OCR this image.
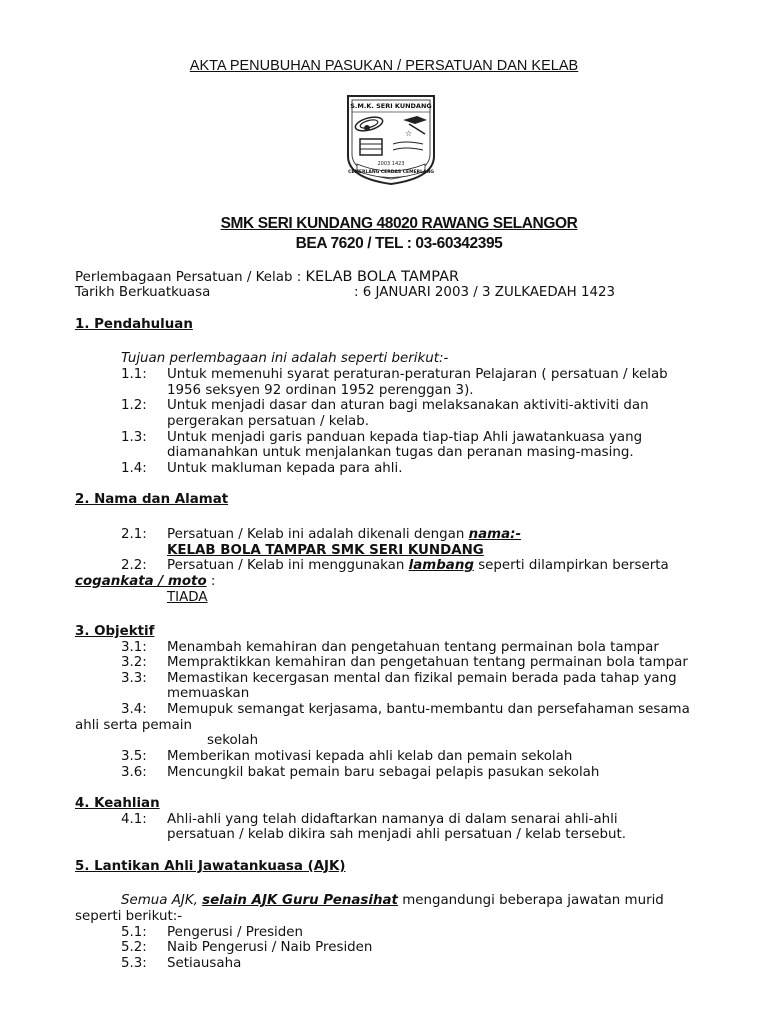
AKTA PENUBUHAN PASUKAN / PERSATUAN DAN KELAB
S.M.K. SERI KUNDANG
☆
2003 1423
CEMERLANG CERDAS CEMERLANG
SMK SERI KUNDANG 48020 RAWANG SELANGOR
BEA 7620 / TEL : 03-60342395
Perlembagaan Persatuan / Kelab : KELAB BOLA TAMPAR
Tarikh Berkuatkuasa	: 6 JANUARI 2003 / 3 ZULKAEDAH 1423
1. Pendahuluan
Tujuan perlembagaan ini adalah seperti berikut:-
1.1: Untuk memenuhi syarat peraturan-peraturan Pelajaran ( persatuan / kelab
1956 seksyen 92 ordinan 1952 perenggan 3).
1.2: Untuk menjadi dasar dan aturan bagi melaksanakan aktiviti-aktiviti dan
pergerakan persatuan / kelab.
1.3: Untuk menjadi garis panduan kepada tiap-tiap Ahli jawatankuasa yang
diamanahkan untuk menjalankan tugas dan peranan masing-masing.
1.4: Untuk makluman kepada para ahli.
2. Nama dan Alamat
2.1: Persatuan / Kelab ini adalah dikenali dengan nama:-
KELAB BOLA TAMPAR SMK SERI KUNDANG
2.2: Persatuan / Kelab ini menggunakan lambang seperti dilampirkan berserta
cogankata / moto :
TIADA
3. Objektif
3.1: Menambah kemahiran dan pengetahuan tentang permainan bola tampar
3.2: Mempraktikkan kemahiran dan pengetahuan tentang permainan bola tampar
3.3: Memastikan kecergasan mental dan fizikal pemain berada pada tahap yang
memuaskan
3.4: Memupuk semangat kerjasama, bantu-membantu dan persefahaman sesama
ahli serta pemain
sekolah
3.5: Memberikan motivasi kepada ahli kelab dan pemain sekolah
3.6: Mencungkil bakat pemain baru sebagai pelapis pasukan sekolah
4. Keahlian
4.1: Ahli-ahli yang telah didaftarkan namanya di dalam senarai ahli-ahli
persatuan / kelab dikira sah menjadi ahli persatuan / kelab tersebut.
5. Lantikan Ahli Jawatankuasa (AJK)
Semua AJK, selain AJK Guru Penasihat mengandungi beberapa jawatan murid
seperti berikut:-
5.1: Pengerusi / Presiden
5.2: Naib Pengerusi / Naib Presiden
5.3: Setiausaha
